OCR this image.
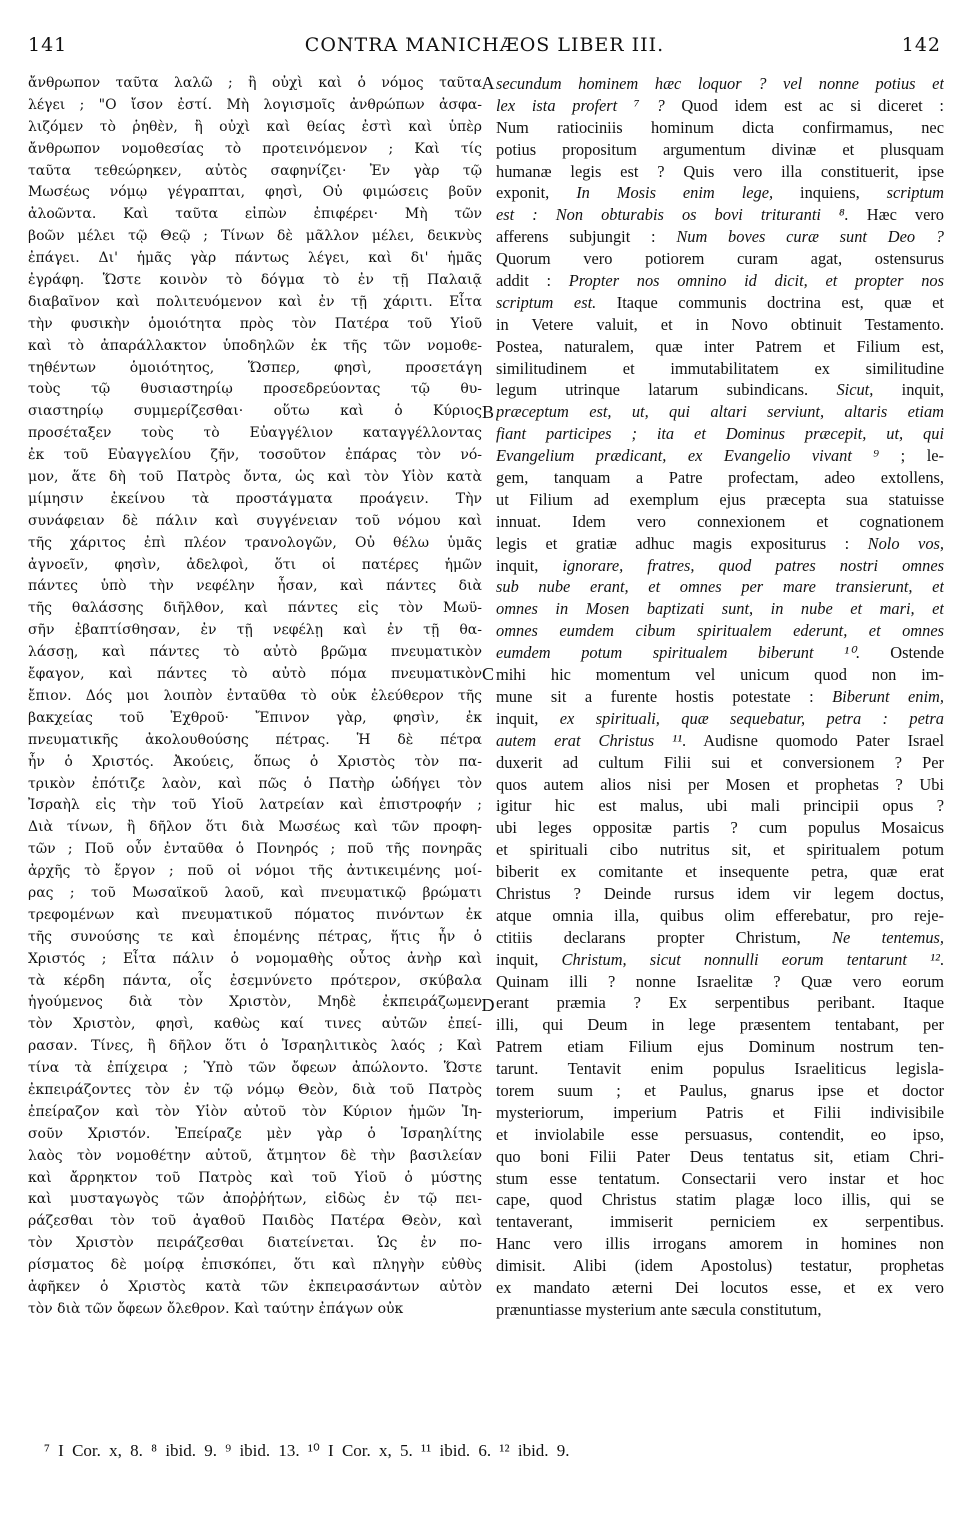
141	CONTRA MANICHÆOS LIBER III.	142
ἄνθρωπον ταῦτα λαλῶ ; ἢ οὐχὶ καὶ ὁ νόμος ταῦτα
λέγει ; "Ο ἴσον ἐστί. Μὴ λογισμοῖς ἀνθρώπων ἀσφα-
λιζόμεν τὸ ῥηθὲν, ἢ οὐχὶ καὶ θείας ἐστὶ καὶ ὑπὲρ
ἄνθρωπον νομοθεσίας τὸ προτεινόμενον ; Καὶ τίς
ταῦτα τεθεώρηκεν, αὐτὸς σαφηνίζει· Ἐν γὰρ τῷ
Μωσέως νόμῳ γέγραπται, φησὶ, Οὐ φιμώσεις βοῦν
ἀλοῶντα. Καὶ ταῦτα εἰπὼν ἐπιφέρει· Μὴ τῶν
βοῶν μέλει τῷ Θεῷ ; Τίνων δὲ μᾶλλον μέλει, δεικνὺς
ἐπάγει. Δι' ἡμᾶς γὰρ πάντως λέγει, καὶ δι' ἡμᾶς
ἐγράφη. Ὥστε κοινὸν τὸ δόγμα τὸ ἐν τῇ Παλαιᾷ
διαβαῖνον καὶ πολιτευόμενον καὶ ἐν τῇ χάριτι. Εἶτα
τὴν φυσικὴν ὁμοιότητα πρὸς τὸν Πατέρα τοῦ Υἱοῦ
καὶ τὸ ἀπαράλλακτον ὑποδηλῶν ἐκ τῆς τῶν νομοθε-
τηθέντων ὁμοιότητος, Ὥσπερ, φησὶ, προσετάγη
τοὺς τῷ θυσιαστηρίῳ προσεδρεύοντας τῷ θυ-
σιαστηρίῳ συμμερίζεσθαι· οὕτω καὶ ὁ Κύριος
προσέταξεν τοὺς τὸ Εὐαγγέλιον καταγγέλλοντας
ἐκ τοῦ Εὐαγγελίου ζῆν, τοσοῦτον ἐπάρας τὸν νό-
μον, ἅτε δὴ τοῦ Πατρὸς ὄντα, ὡς καὶ τὸν Υἱὸν κατὰ
μίμησιν ἐκείνου τὰ προστάγματα προάγειν. Τὴν
συνάφειαν δὲ πάλιν καὶ συγγένειαν τοῦ νόμου καὶ
τῆς χάριτος ἐπὶ πλέον τρανολογῶν, Οὐ θέλω ὑμᾶς
ἀγνοεῖν, φησὶν, ἀδελφοὶ, ὅτι οἱ πατέρες ἡμῶν
πάντες ὑπὸ τὴν νεφέλην ἦσαν, καὶ πάντες διὰ
τῆς θαλάσσης διῆλθον, καὶ πάντες εἰς τὸν Μωϋ-
σῆν ἐβαπτίσθησαν, ἐν τῇ νεφέλῃ καὶ ἐν τῇ θα-
λάσσῃ, καὶ πάντες τὸ αὐτὸ βρῶμα πνευματικὸν
ἔφαγον, καὶ πάντες τὸ αὐτὸ πόμα πνευματικὸν
ἔπιον. Δός μοι λοιπὸν ἐνταῦθα τὸ οὐκ ἐλεύθερον τῆς
βακχείας τοῦ Ἐχθροῦ· Ἔπινον γὰρ, φησὶν, ἐκ
πνευματικῆς ἀκολουθούσης πέτρας. Ἡ δὲ πέτρα
ἦν ὁ Χριστός. Ἀκούεις, ὅπως ὁ Χριστὸς τὸν πα-
τρικὸν ἐπότιζε λαὸν, καὶ πῶς ὁ Πατὴρ ὡδήγει τὸν
Ἰσραὴλ εἰς τὴν τοῦ Υἱοῦ λατρείαν καὶ ἐπιστροφήν ;
Διὰ τίνων, ἢ δῆλον ὅτι διὰ Μωσέως καὶ τῶν προφη-
τῶν ; Ποῦ οὖν ἐνταῦθα ὁ Πονηρός ; ποῦ τῆς πονηρᾶς
ἀρχῆς τὸ ἔργον ; ποῦ οἱ νόμοι τῆς ἀντικειμένης μοί-
ρας ; τοῦ Μωσαϊκοῦ λαοῦ, καὶ πνευματικῷ βρώματι
τρεφομένων καὶ πνευματικοῦ πόματος πινόντων ἐκ
τῆς συνούσης τε καὶ ἑπομένης πέτρας, ἥτις ἦν ὁ
Χριστός ; Εἶτα πάλιν ὁ νομομαθὴς οὗτος ἀνὴρ καὶ
τὰ κέρδη πάντα, οἷς ἐσεμνύνετο πρότερον, σκύβαλα
ἡγούμενος διὰ τὸν Χριστὸν, Μηδὲ ἐκπειράζωμεν
τὸν Χριστὸν, φησὶ, καθὼς καί τινες αὐτῶν ἐπεί-
ρασαν. Τίνες, ἢ δῆλον ὅτι ὁ Ἰσραηλιτικὸς λαός ; Καὶ
τίνα τὰ ἐπίχειρα ; Ὑπὸ τῶν ὄφεων ἀπώλοντο. Ὥστε
ἐκπειράζοντες τὸν ἐν τῷ νόμῳ Θεὸν, διὰ τοῦ Πατρὸς
ἐπείραζον καὶ τὸν Υἱὸν αὐτοῦ τὸν Κύριον ἡμῶν Ἰη-
σοῦν Χριστόν. Ἐπείραζε μὲν γὰρ ὁ Ἰσραηλίτης
λαὸς τὸν νομοθέτην αὐτοῦ, ἄτμητον δὲ τὴν βασιλείαν
καὶ ἄρρηκτον τοῦ Πατρὸς καὶ τοῦ Υἱοῦ ὁ μύστης
καὶ μυσταγωγὸς τῶν ἀποῤῥήτων, εἰδὼς ἐν τῷ πει-
ράζεσθαι τὸν τοῦ ἀγαθοῦ Παιδὸς Πατέρα Θεὸν, καὶ
τὸν Χριστὸν πειράζεσθαι διατείνεται. Ὡς ἐν πο-
ρίσματος δὲ μοίρᾳ ἐπισκόπει, ὅτι καὶ πληγὴν εὐθὺς
ἀφῆκεν ὁ Χριστὸς κατὰ τῶν ἐκπειρασάντων αὐτὸν
τὸν διὰ τῶν ὄφεων ὄλεθρον. Καὶ ταύτην ἐπάγων οὐκ
secundum hominem hæc loquor ? vel nonne potius et
lex ista profert ⁷ ? Quod idem est ac si diceret :
Num ratiociniis hominum dicta confirmamus, nec
potius propositum argumentum divinæ et plusquam
humanæ legis est ? Quis vero illa constituerit, ipse
exponit, In Mosis enim lege, inquiens, scriptum
est : Non obturabis os bovi trituranti ⁸. Hæc vero
afferens subjungit : Num boves curæ sunt Deo ?
Quorum vero potiorem curam agat, ostensurus
addit : Propter nos omnino id dicit, et propter nos
scriptum est. Itaque communis doctrina est, quæ et
in Vetere valuit, et in Novo obtinuit Testamento.
Postea, naturalem, quæ inter Patrem et Filium est,
similitudinem et immutabilitatem ex similitudine
legum utrinque latarum subindicans. Sicut, inquit,
præceptum est, ut, qui altari serviunt, altaris etiam
fiant participes ; ita et Dominus præcepit, ut, qui
Evangelium prædicant, ex Evangelio vivant ⁹ ; le-
gem, tanquam a Patre profectam, adeo extollens,
ut Filium ad exemplum ejus præcepta sua statuisse
innuat. Idem vero connexionem et cognationem
legis et gratiæ adhuc magis expositurus : Nolo vos,
inquit, ignorare, fratres, quod patres nostri omnes
sub nube erant, et omnes per mare transierunt, et
omnes in Mosen baptizati sunt, in nube et mari, et
omnes eumdem cibum spiritualem ederunt, et omnes
eumdem potum spiritualem biberunt ¹⁰. Ostende
mihi hic momentum vel unicum quod non im-
mune sit a furente hostis potestate : Biberunt enim,
inquit, ex spirituali, quæ sequebatur, petra : petra
autem erat Christus ¹¹. Audisne quomodo Pater Israel
duxerit ad cultum Filii sui et conversionem ? Per
quos autem alios nisi per Mosen et prophetas ? Ubi
igitur hic est malus, ubi mali principii opus ?
ubi leges oppositæ partis ? cum populus Mosaicus
et spirituali cibo nutritus sit, et spiritualem potum
biberit ex comitante et insequente petra, quæ erat
Christus ? Deinde rursus idem vir legem doctus,
atque omnia illa, quibus olim efferebatur, pro reje-
ctitiis declarans propter Christum, Ne tentemus,
inquit, Christum, sicut nonnulli eorum tentarunt ¹².
Quinam illi ? nonne Israelitæ ? Quæ vero eorum
erant præmia ? Ex serpentibus peribant. Itaque
illi, qui Deum in lege præsentem tentabant, per
Patrem etiam Filium ejus Dominum nostrum ten-
tarunt. Tentavit enim populus Israeliticus legisla-
torem suum ; et Paulus, gnarus ipse et doctor
mysteriorum, imperium Patris et Filii indivisibile
et inviolabile esse persuasus, contendit, eo ipso,
quo boni Filii Pater Deus tentatus sit, etiam Chri-
stum esse tentatum. Consectarii vero instar et hoc
cape, quod Christus statim plagæ loco illis, qui se
tentaverant, immiserit perniciem ex serpentibus.
Hanc vero illis irrogans amorem in homines non
dimisit. Alibi (idem Apostolus) testatur, prophetas
ex mandato æterni Dei locutos esse, et ex vero
prænuntiasse mysterium ante sæcula constitutum,
A
B
C
D
⁷ I Cor. x, 8. ⁸ ibid. 9. ⁹ ibid. 13. ¹⁰ I Cor. x, 5. ¹¹ ibid. 6. ¹² ibid. 9.
